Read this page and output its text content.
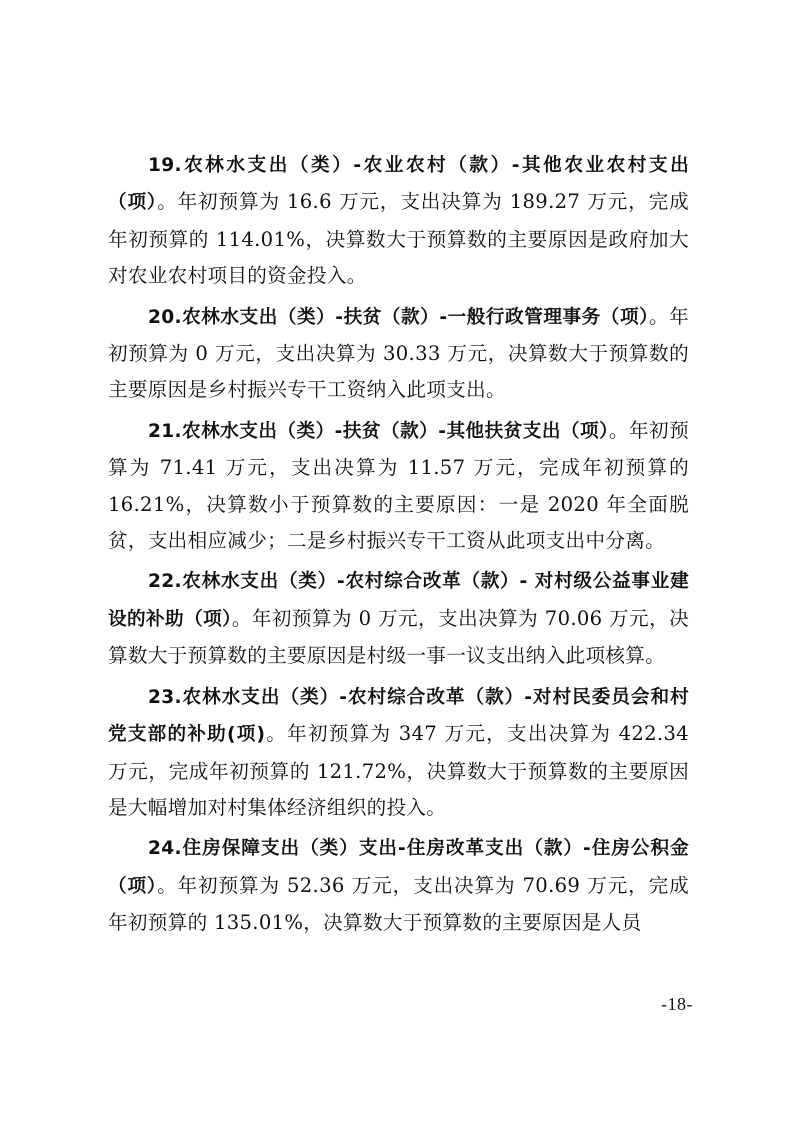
19.农林水支出（类）-农业农村（款）-其他农业农村支出（项）。年初预算为 16.6 万元，支出决算为 189.27 万元，完成年初预算的 114.01%，决算数大于预算数的主要原因是政府加大对农业农村项目的资金投入。

20.农林水支出（类）-扶贫（款）-一般行政管理事务（项）。年初预算为 0 万元，支出决算为 30.33 万元，决算数大于预算数的主要原因是乡村振兴专干工资纳入此项支出。

21.农林水支出（类）-扶贫（款）-其他扶贫支出（项）。年初预算为 71.41 万元，支出决算为 11.57 万元，完成年初预算的 16.21%，决算数小于预算数的主要原因：一是 2020 年全面脱贫，支出相应减少；二是乡村振兴专干工资从此项支出中分离。

22.农林水支出（类）-农村综合改革（款）- 对村级公益事业建设的补助（项）。年初预算为 0 万元，支出决算为 70.06 万元，决算数大于预算数的主要原因是村级一事一议支出纳入此项核算。

23.农林水支出（类）-农村综合改革（款）-对村民委员会和村党支部的补助(项)。年初预算为 347 万元，支出决算为 422.34 万元，完成年初预算的 121.72%，决算数大于预算数的主要原因是大幅增加对村集体经济组织的投入。

24.住房保障支出（类）支出-住房改革支出（款）-住房公积金（项）。年初预算为 52.36 万元，支出决算为 70.69 万元，完成年初预算的 135.01%，决算数大于预算数的主要原因是人员

-18-
